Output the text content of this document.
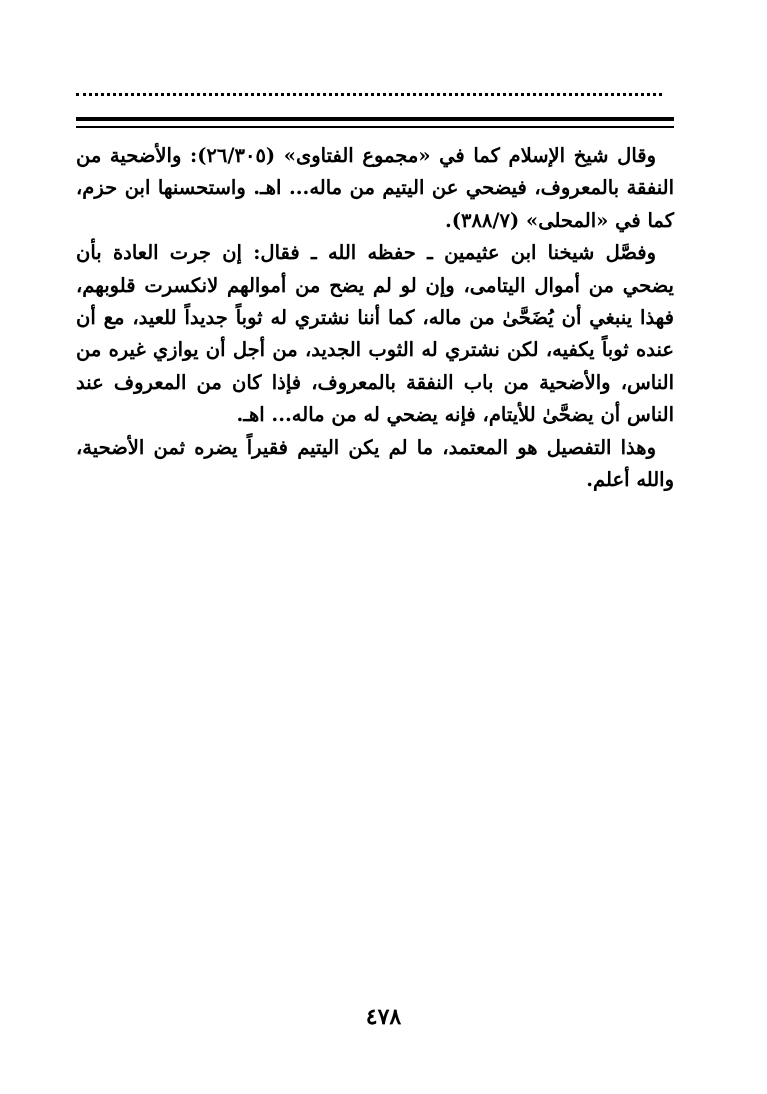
وقال شيخ الإسلام كما في «مجموع الفتاوى» (٢٦/٣٠٥): والأضحية من النفقة بالمعروف، فيضحي عن اليتيم من ماله... اهـ. واستحسنها ابن حزم، كما في «المحلى» (٣٨٨/٧).

وفصَّل شيخنا ابن عثيمين ـ حفظه الله ـ فقال: إن جرت العادة بأن يضحي من أموال اليتامى، وإن لو لم يضح من أموالهم لانكسرت قلوبهم، فهذا ينبغي أن يُضَحَّىٰ من ماله، كما أننا نشتري له ثوباً جديداً للعيد، مع أن عنده ثوباً يكفيه، لكن نشتري له الثوب الجديد، من أجل أن يوازي غيره من الناس، والأضحية من باب النفقة بالمعروف، فإذا كان من المعروف عند الناس أن يضحَّىٰ للأيتام، فإنه يضحي له من ماله... اهـ.

وهذا التفصيل هو المعتمد، ما لم يكن اليتيم فقيراً يضره ثمن الأضحية، والله أعلم.

٤٧٨
